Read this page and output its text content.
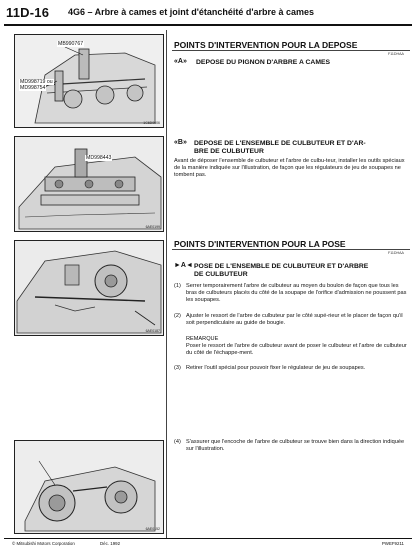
11D-16 4G6 – Arbre à cames et joint d'étanchéité d'arbre à cames
MB990767
MD998719 ou
MD998754
1C6D0606
MD998443
6AE0199
6AE0187
6AE0152
POINTS D'INTERVENTION POUR LA DEPOSE
F11DHAA
«A» DEPOSE DU PIGNON D'ARBRE A CAMES
«B» DEPOSE DE L'ENSEMBLE DE CULBUTEUR ET D'AR-
BRE DE CULBUTEUR
Avant de déposer l'ensemble de culbuteur et l'arbre de culbu-teur, installer les outils spéciaux de la manière indiquée sur l'illustration, de façon que les régulateurs de jeu de soupapes ne tombent pas.
POINTS D'INTERVENTION POUR LA POSE
F11DHAA
►A◄ POSE DE L'ENSEMBLE DE CULBUTEUR ET D'ARBRE
DE CULBUTEUR
(1) Serrer temporairement l'arbre de culbuteur au moyen du boulon de façon que tous les bras de culbuteurs placés du côté de la soupape de l'orifice d'admission ne poussent pas les soupapes.
(2) Ajuster le ressort de l'arbre de culbuteur par le côté supé-rieur et le placer de façon qu'il soit perpendiculaire au guide de bougie.
REMARQUE
Poser le ressort de l'arbre de culbuteur avant de poser le culbuteur et l'arbre de culbuteur du côté de l'échappe-ment.
(3) Retirer l'outil spécial pour pouvoir fixer le régulateur de jeu de soupapes.
(4) S'assurer que l'encoche de l'arbre de culbuteur se trouve bien dans la direction indiquée sur l'illustration.
© Mitsubishi Motors Corporation	Déc. 1992	PWEF9211
